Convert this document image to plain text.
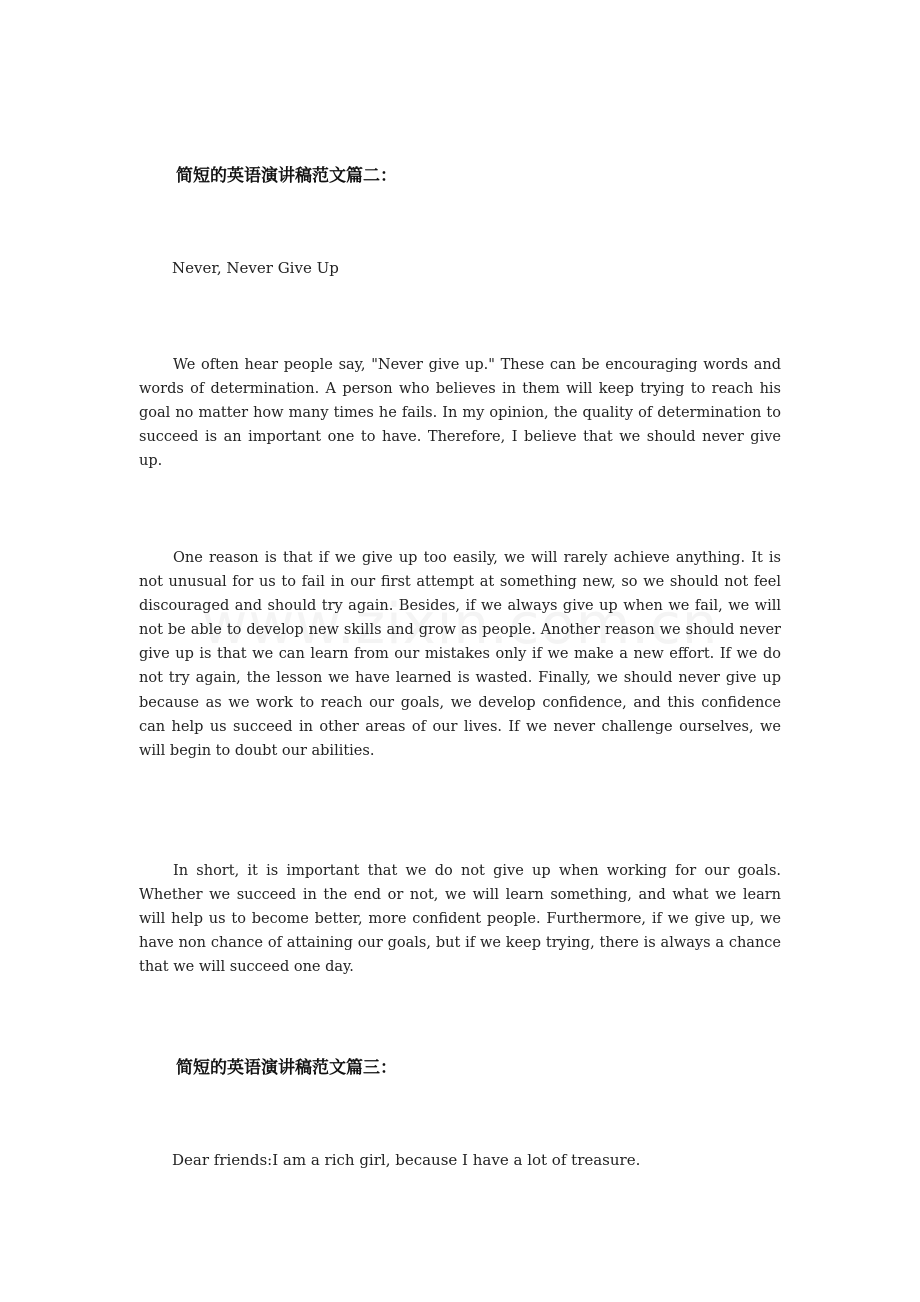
简短的英语演讲稿范文篇二：
Never, Never Give Up

We often hear people say, "Never give up." These can be encouraging words and words of determination. A person who believes in them will keep trying to reach his goal no matter how many times he fails. In my opinion, the quality of determination to succeed is an important one to have. Therefore, I believe that we should never give up.

One reason is that if we give up too easily, we will rarely achieve anything. It is not unusual for us to fail in our first attempt at something new, so we should not feel discouraged and should try again. Besides, if we always give up when we fail, we will not be able to develop new skills and grow as people. Another reason we should never give up is that we can learn from our mistakes only if we make a new effort. If we do not try again, the lesson we have learned is wasted. Finally, we should never give up because as we work to reach our goals, we develop confidence, and this confidence can help us succeed in other areas of our lives. If we never challenge ourselves, we will begin to doubt our abilities.

In short, it is important that we do not give up when working for our goals. Whether we succeed in the end or not, we will learn something, and what we learn will help us to become better, more confident people. Furthermore, if we give up, we have non chance of attaining our goals, but if we keep trying, there is always a chance that we will succeed one day.

简短的英语演讲稿范文篇三：
Dear friends:I am a rich girl, because I have a lot of treasure.
